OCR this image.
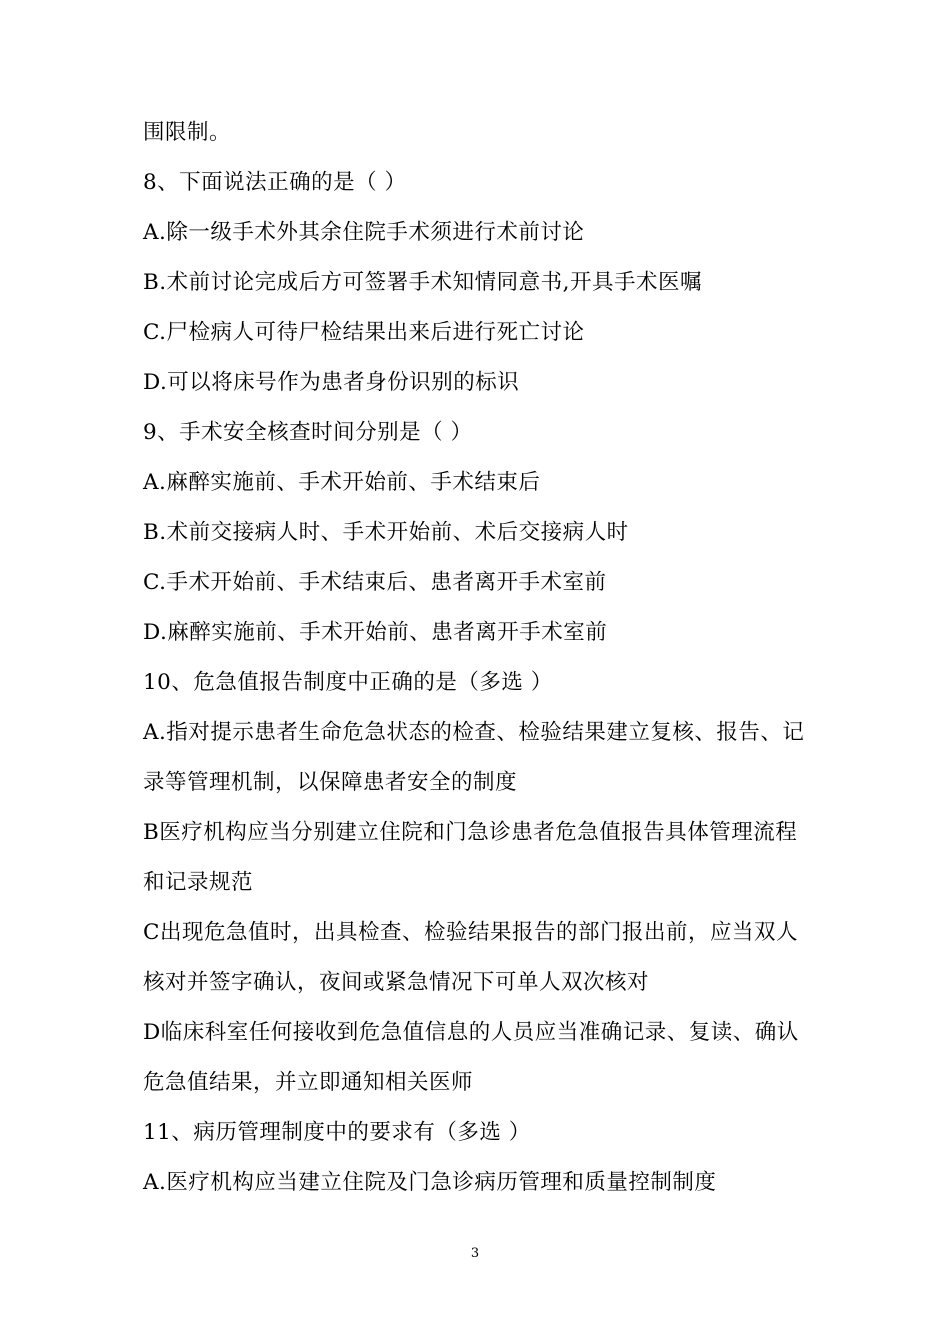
围限制。
8、下面说法正确的是（ ）
A.除一级手术外其余住院手术须进行术前讨论
B.术前讨论完成后方可签署手术知情同意书,开具手术医嘱
C.尸检病人可待尸检结果出来后进行死亡讨论
D.可以将床号作为患者身份识别的标识
9、手术安全核查时间分别是（ ）
A.麻醉实施前、手术开始前、手术结束后
B.术前交接病人时、手术开始前、术后交接病人时
C.手术开始前、手术结束后、患者离开手术室前
D.麻醉实施前、手术开始前、患者离开手术室前
10、危急值报告制度中正确的是（多选 ）
A.指对提示患者生命危急状态的检查、检验结果建立复核、报告、记
录等管理机制，以保障患者安全的制度
B医疗机构应当分别建立住院和门急诊患者危急值报告具体管理流程
和记录规范
C出现危急值时，出具检查、检验结果报告的部门报出前，应当双人
核对并签字确认，夜间或紧急情况下可单人双次核对
D临床科室任何接收到危急值信息的人员应当准确记录、复读、确认
危急值结果，并立即通知相关医师
11、病历管理制度中的要求有（多选 ）
A.医疗机构应当建立住院及门急诊病历管理和质量控制制度
3
